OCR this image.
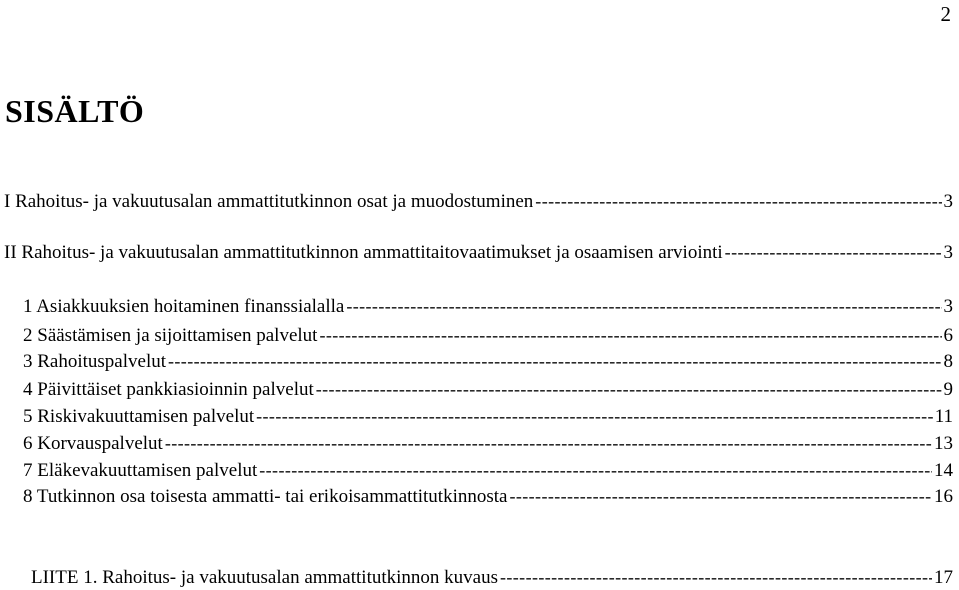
2
SISÄLTÖ
I Rahoitus- ja vakuutusalan ammattitutkinnon osat ja muodostuminen -----	3
II Rahoitus- ja vakuutusalan ammattitutkinnon ammattitaitovaatimukset ja osaamisen arviointi -----	3
1 Asiakkuuksien hoitaminen finanssialalla -----	3
2 Säästämisen ja sijoittamisen palvelut -----	6
3 Rahoituspalvelut -----	8
4 Päivittäiset pankkiasioinnin palvelut -----	9
5 Riskivakuuttamisen palvelut -----	11
6 Korvauspalvelut -----	13
7 Eläkevakuuttamisen palvelut -----	14
8 Tutkinnon osa toisesta ammatti- tai erikoisammattitutkinnosta -----	16
LIITE 1. Rahoitus- ja vakuutusalan ammattitutkinnon kuvaus -----	17
